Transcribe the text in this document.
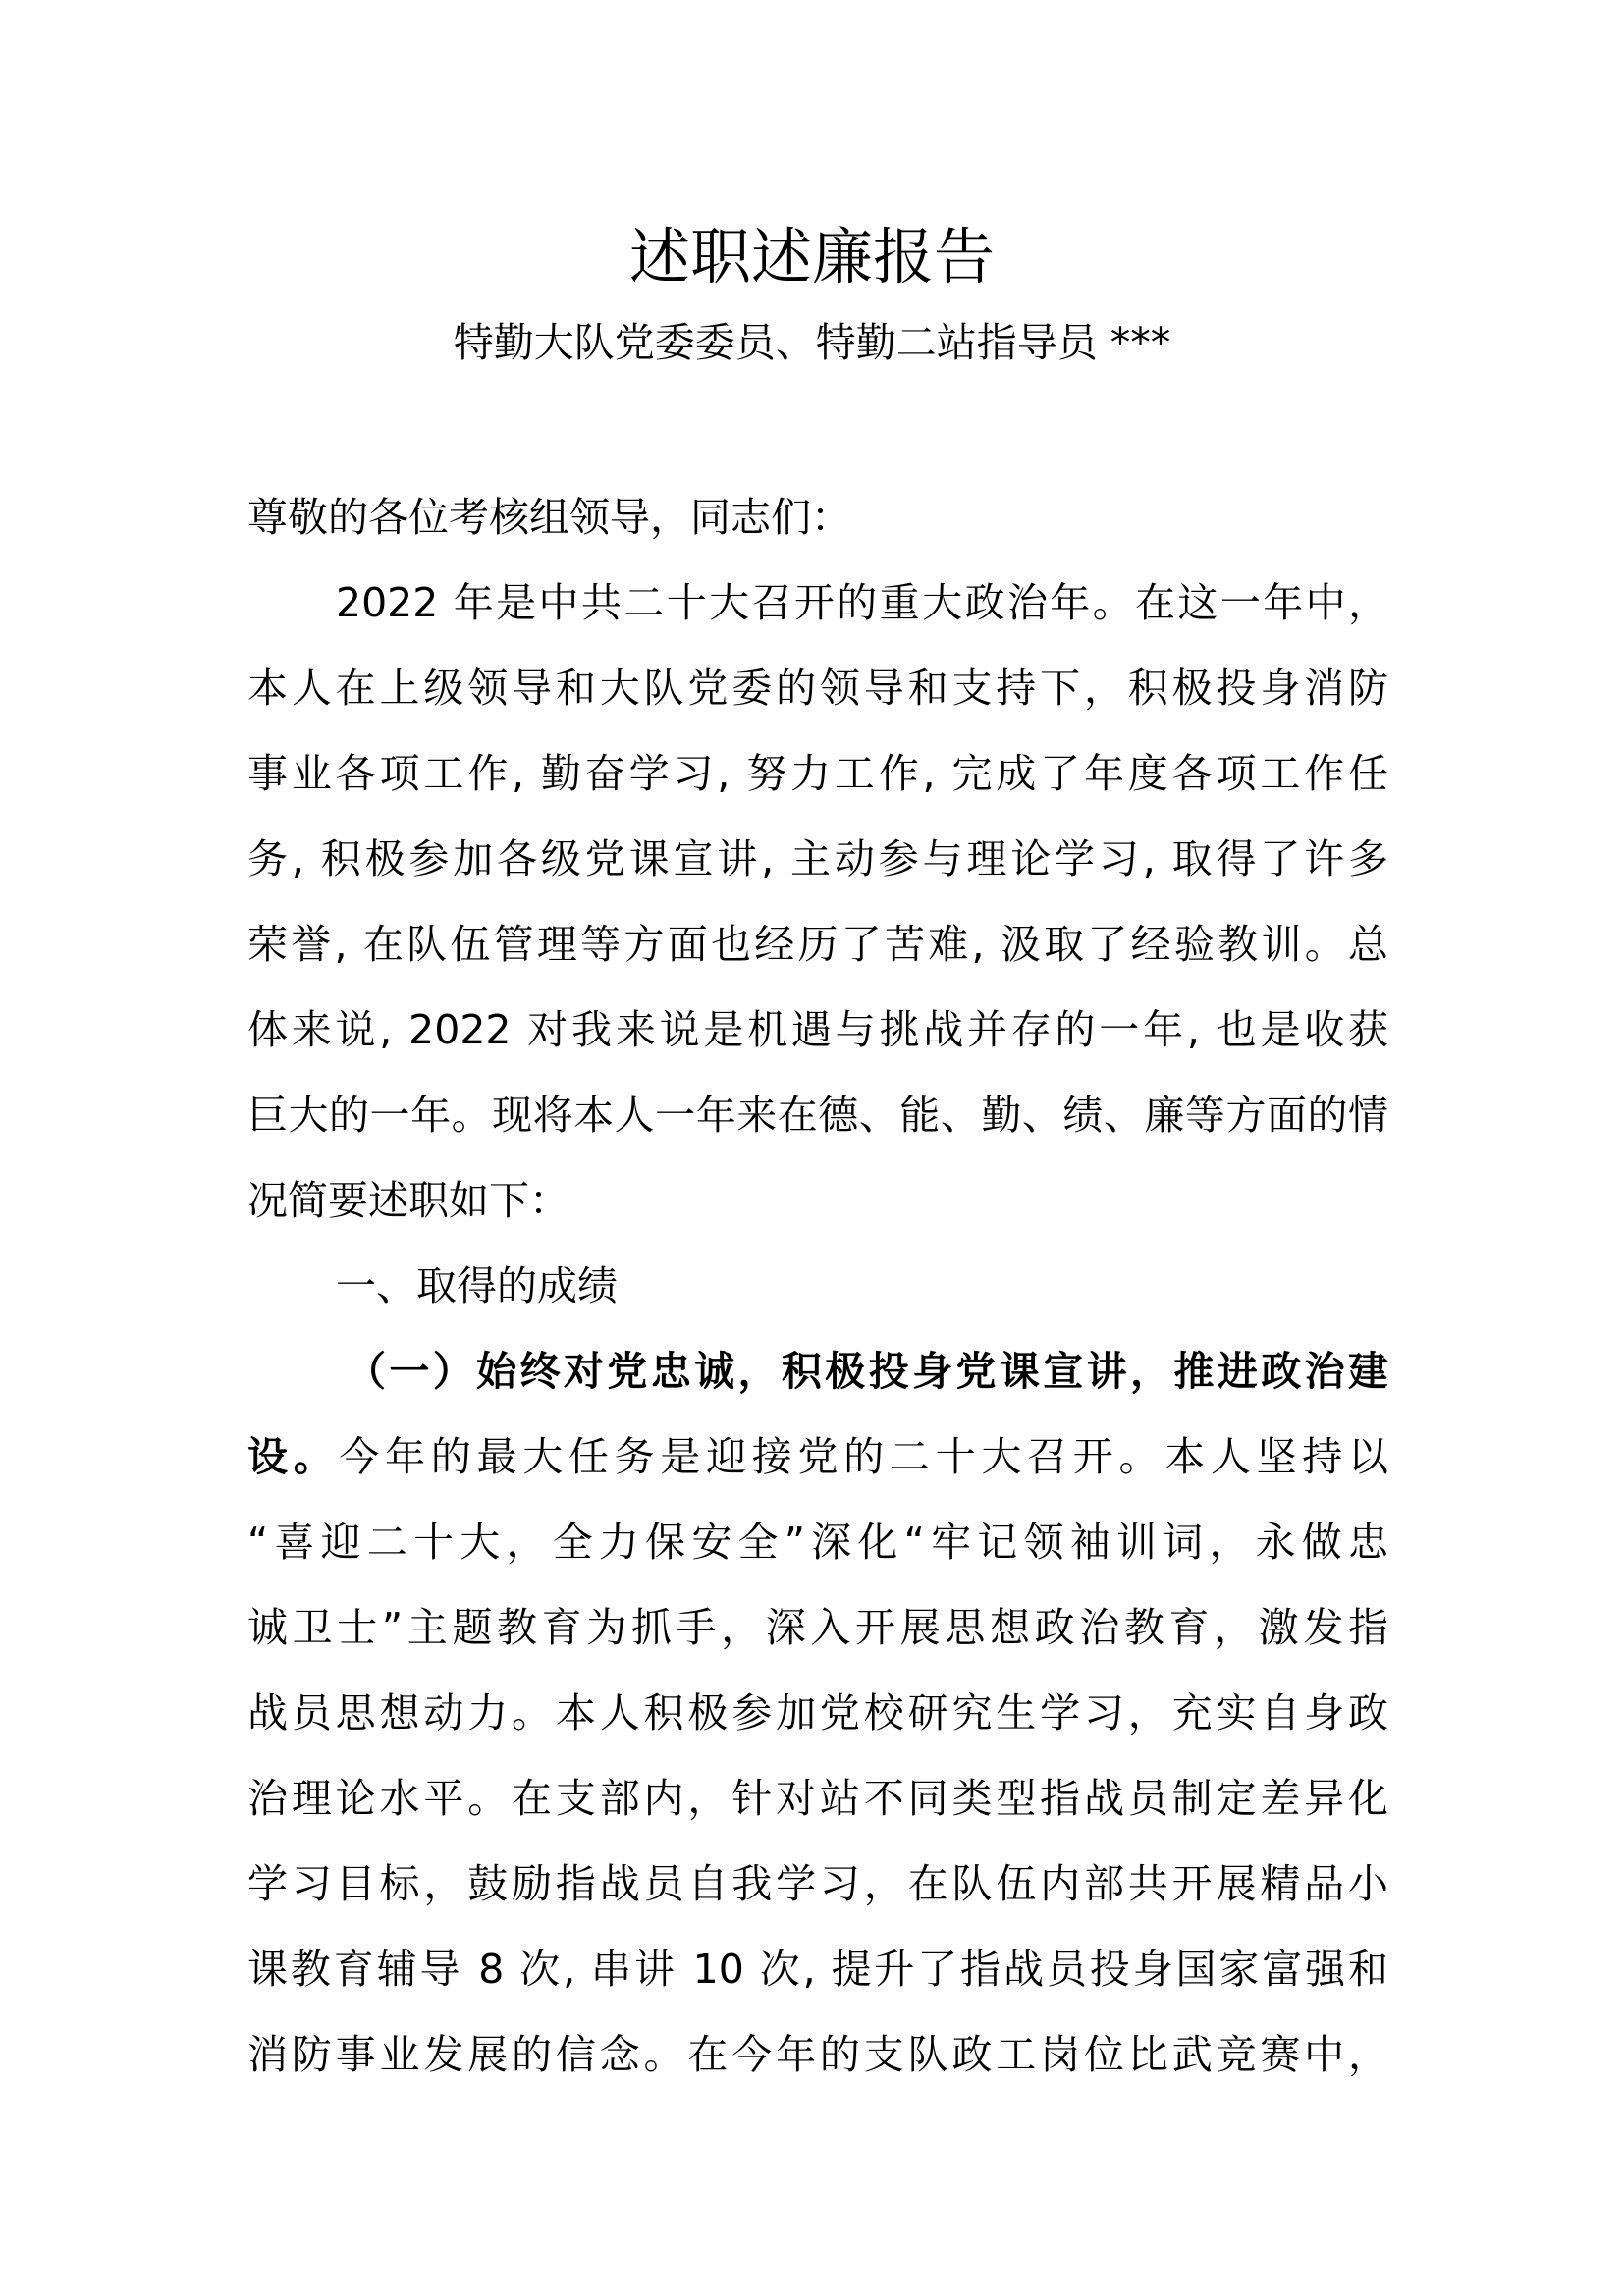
述职述廉报告
特勤大队党委委员、特勤二站指导员 ***
尊敬的各位考核组领导，同志们：
2022 年是中共二十大召开的重大政治年。在这一年中，
本人在上级领导和大队党委的领导和支持下，积极投身消防
事业各项工作, 勤奋学习, 努力工作, 完成了年度各项工作任
务, 积极参加各级党课宣讲, 主动参与理论学习, 取得了许多
荣誉, 在队伍管理等方面也经历了苦难, 汲取了经验教训。总
体来说, 2022 对我来说是机遇与挑战并存的一年, 也是收获
巨大的一年。现将本人一年来在德、能、勤、绩、廉等方面的情
况简要述职如下：
一、取得的成绩
（一）始终对党忠诚，积极投身党课宣讲，推进政治建
设。今年的最大任务是迎接党的二十大召开。本人坚持以
“喜迎二十大，全力保安全”深化“牢记领袖训词，永做忠
诚卫士”主题教育为抓手，深入开展思想政治教育，激发指
战员思想动力。本人积极参加党校研究生学习，充实自身政
治理论水平。在支部内，针对站不同类型指战员制定差异化
学习目标，鼓励指战员自我学习，在队伍内部共开展精品小
课教育辅导 8 次, 串讲 10 次, 提升了指战员投身国家富强和
消防事业发展的信念。在今年的支队政工岗位比武竞赛中，
